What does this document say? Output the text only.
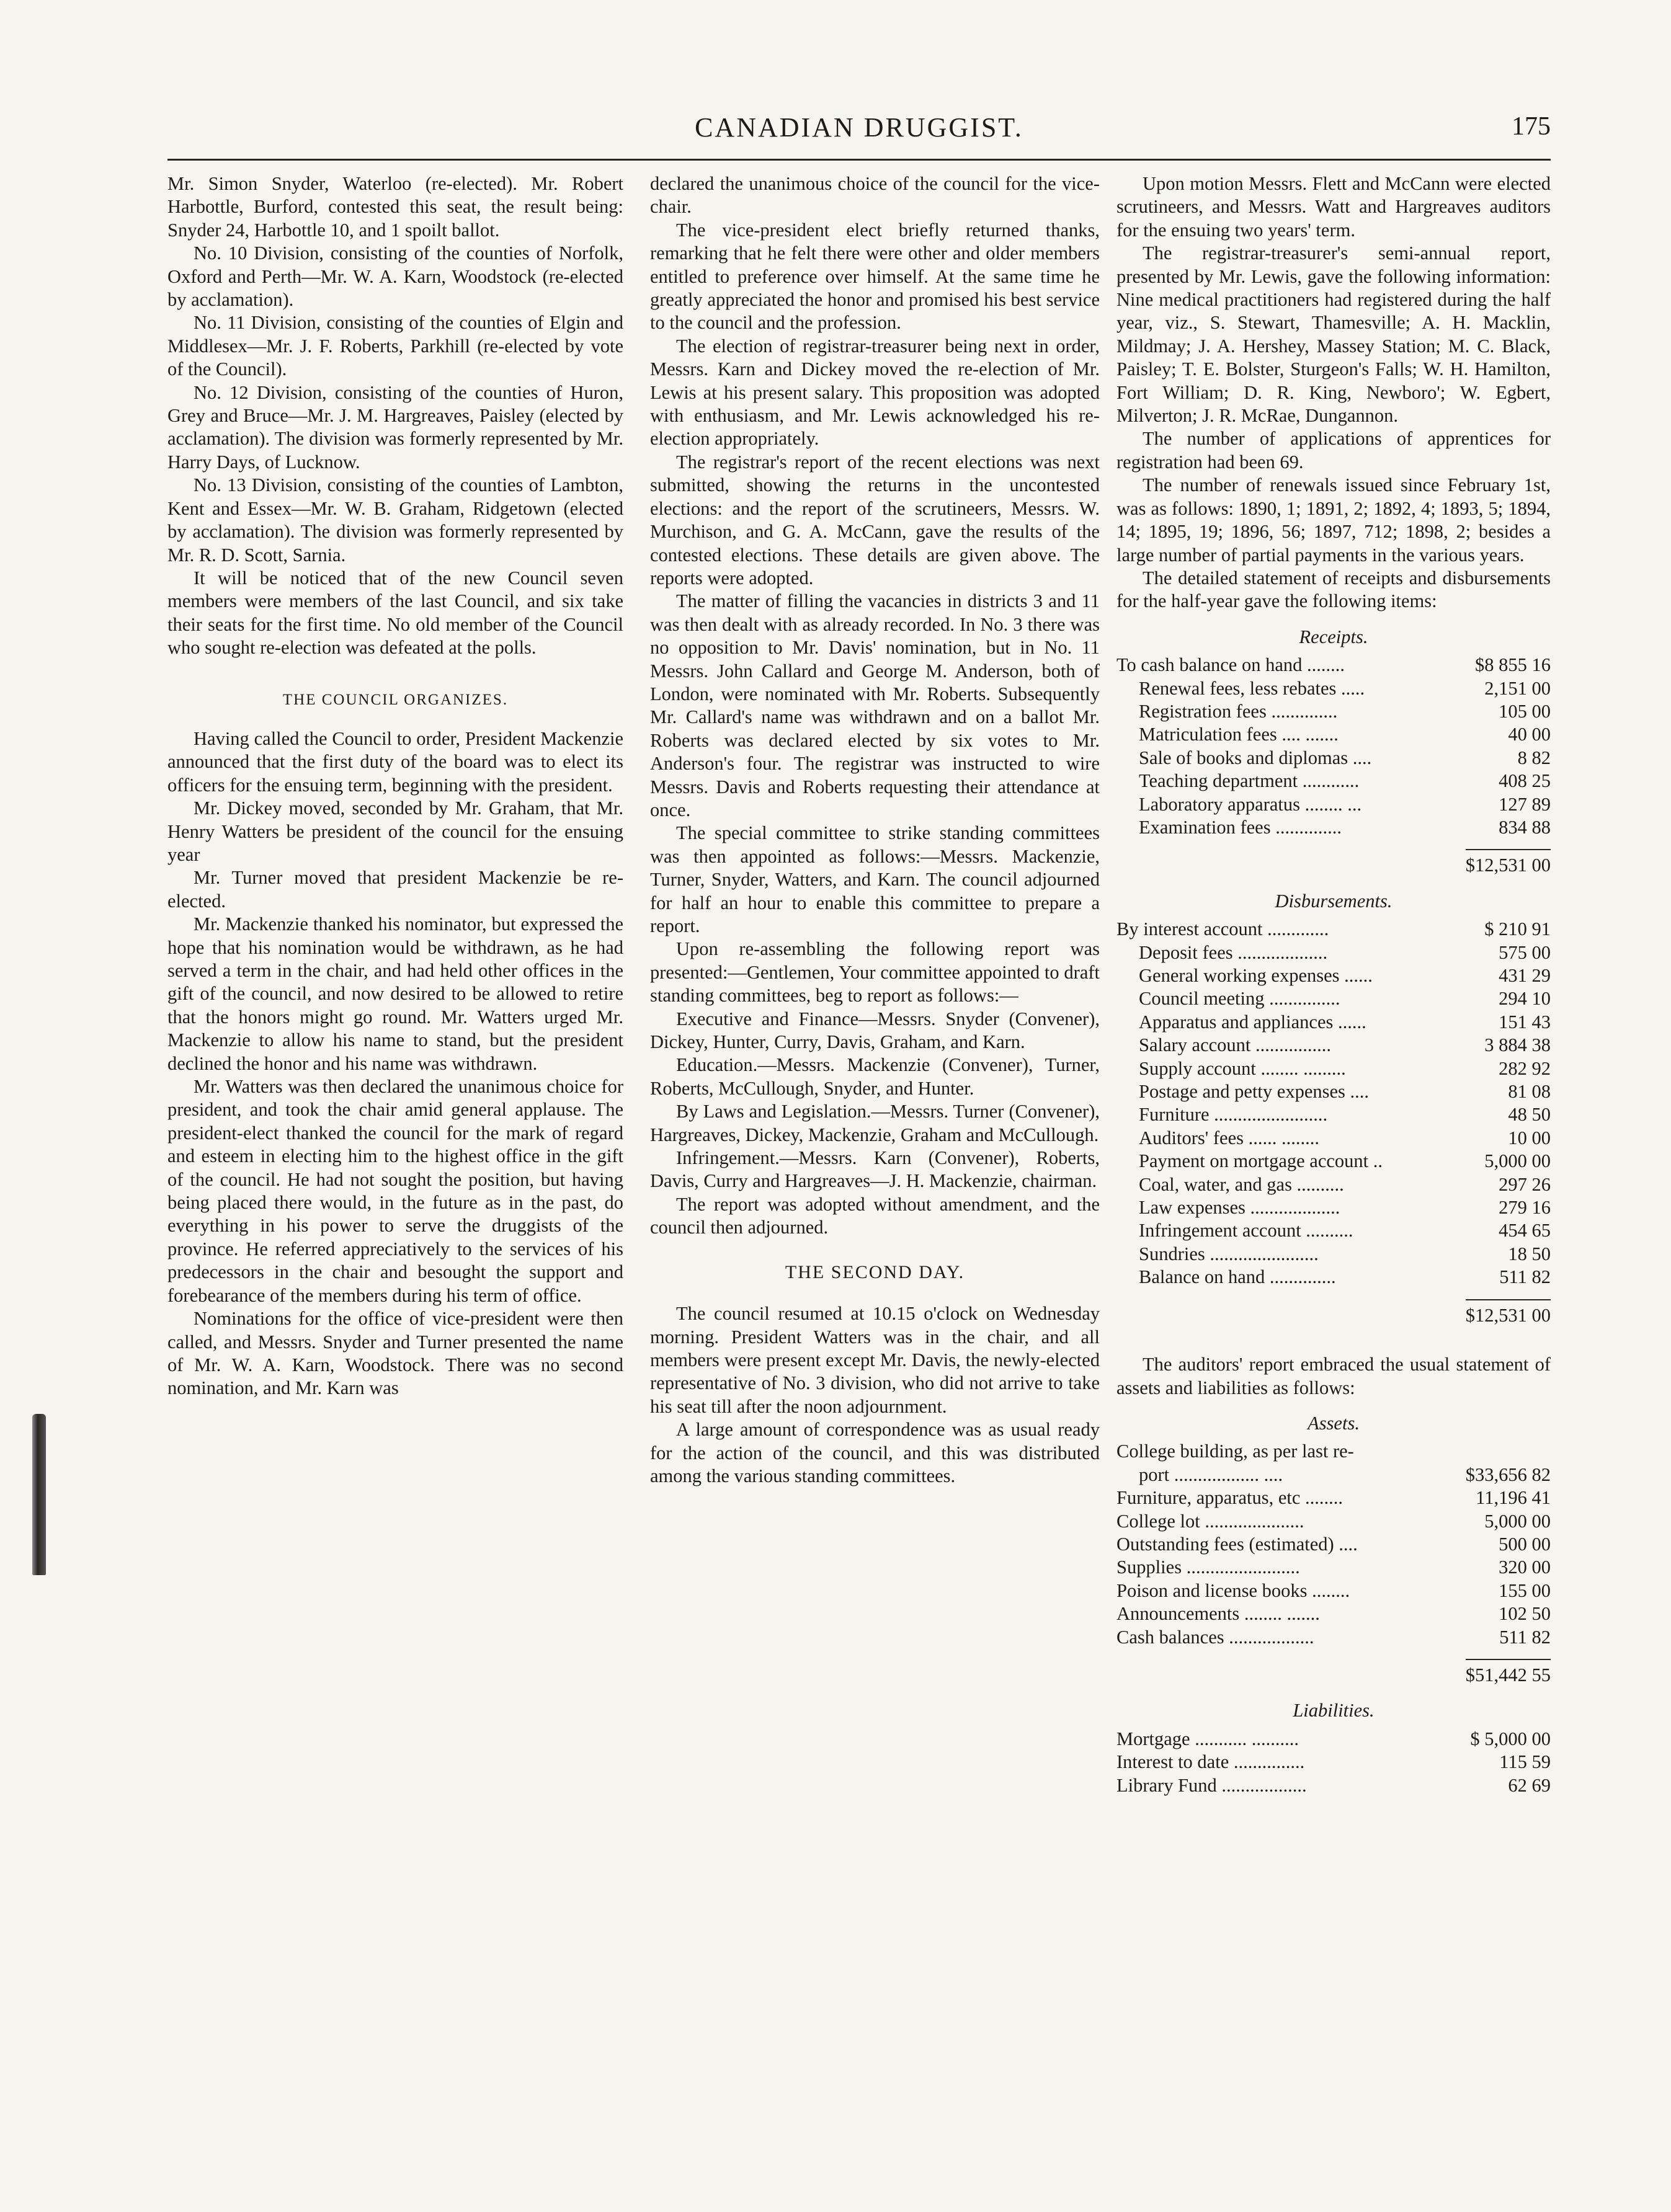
CANADIAN DRUGGIST.	175

Mr. Simon Snyder, Waterloo (re-elected). Mr. Robert Harbottle, Burford, contested this seat, the result being: Snyder 24, Harbottle 10, and 1 spoilt ballot.

No. 10 Division, consisting of the counties of Norfolk, Oxford and Perth—Mr. W. A. Karn, Woodstock (re-elected by acclamation).

No. 11 Division, consisting of the counties of Elgin and Middlesex—Mr. J. F. Roberts, Parkhill (re-elected by vote of the Council).

No. 12 Division, consisting of the counties of Huron, Grey and Bruce—Mr. J. M. Hargreaves, Paisley (elected by acclamation). The division was formerly represented by Mr. Harry Days, of Lucknow.

No. 13 Division, consisting of the counties of Lambton, Kent and Essex—Mr. W. B. Graham, Ridgetown (elected by acclamation). The division was formerly represented by Mr. R. D. Scott, Sarnia.

It will be noticed that of the new Council seven members were members of the last Council, and six take their seats for the first time. No old member of the Council who sought re-election was defeated at the polls.

THE COUNCIL ORGANIZES.

Having called the Council to order, President Mackenzie announced that the first duty of the board was to elect its officers for the ensuing term, beginning with the president.

Mr. Dickey moved, seconded by Mr. Graham, that Mr. Henry Watters be president of the council for the ensuing year

Mr. Turner moved that president Mackenzie be re-elected.

Mr. Mackenzie thanked his nominator, but expressed the hope that his nomination would be withdrawn, as he had served a term in the chair, and had held other offices in the gift of the council, and now desired to be allowed to retire that the honors might go round. Mr. Watters urged Mr. Mackenzie to allow his name to stand, but the president declined the honor and his name was withdrawn.

Mr. Watters was then declared the unanimous choice for president, and took the chair amid general applause. The president-elect thanked the council for the mark of regard and esteem in electing him to the highest office in the gift of the council. He had not sought the position, but having being placed there would, in the future as in the past, do everything in his power to serve the druggists of the province. He referred appreciatively to the services of his predecessors in the chair and besought the support and forebearance of the members during his term of office.

Nominations for the office of vice-president were then called, and Messrs. Snyder and Turner presented the name of Mr. W. A. Karn, Woodstock. There was no second nomination, and Mr. Karn was

declared the unanimous choice of the council for the vice-chair.

The vice-president elect briefly returned thanks, remarking that he felt there were other and older members entitled to preference over himself. At the same time he greatly appreciated the honor and promised his best service to the council and the profession.

The election of registrar-treasurer being next in order, Messrs. Karn and Dickey moved the re-election of Mr. Lewis at his present salary. This proposition was adopted with enthusiasm, and Mr. Lewis acknowledged his re-election appropriately.

The registrar's report of the recent elections was next submitted, showing the returns in the uncontested elections: and the report of the scrutineers, Messrs. W. Murchison, and G. A. McCann, gave the results of the contested elections. These details are given above. The reports were adopted.

The matter of filling the vacancies in districts 3 and 11 was then dealt with as already recorded. In No. 3 there was no opposition to Mr. Davis' nomination, but in No. 11 Messrs. John Callard and George M. Anderson, both of London, were nominated with Mr. Roberts. Subsequently Mr. Callard's name was withdrawn and on a ballot Mr. Roberts was declared elected by six votes to Mr. Anderson's four. The registrar was instructed to wire Messrs. Davis and Roberts requesting their attendance at once.

The special committee to strike standing committees was then appointed as follows:—Messrs. Mackenzie, Turner, Snyder, Watters, and Karn. The council adjourned for half an hour to enable this committee to prepare a report.

Upon re-assembling the following report was presented:—Gentlemen, Your committee appointed to draft standing committees, beg to report as follows:—

Executive and Finance—Messrs. Snyder (Convener), Dickey, Hunter, Curry, Davis, Graham, and Karn.

Education.—Messrs. Mackenzie (Convener), Turner, Roberts, McCullough, Snyder, and Hunter.

By Laws and Legislation.—Messrs. Turner (Convener), Hargreaves, Dickey, Mackenzie, Graham and McCullough.

Infringement.—Messrs. Karn (Convener), Roberts, Davis, Curry and Hargreaves—J. H. Mackenzie, chairman.

The report was adopted without amendment, and the council then adjourned.

THE SECOND DAY.

The council resumed at 10.15 o'clock on Wednesday morning. President Watters was in the chair, and all members were present except Mr. Davis, the newly-elected representative of No. 3 division, who did not arrive to take his seat till after the noon adjournment.

A large amount of correspondence was as usual ready for the action of the council, and this was distributed among the various standing committees.

Upon motion Messrs. Flett and McCann were elected scrutineers, and Messrs. Watt and Hargreaves auditors for the ensuing two years' term.

The registrar-treasurer's semi-annual report, presented by Mr. Lewis, gave the following information: Nine medical practitioners had registered during the half year, viz., S. Stewart, Thamesville; A. H. Macklin, Mildmay; J. A. Hershey, Massey Station; M. C. Black, Paisley; T. E. Bolster, Sturgeon's Falls; W. H. Hamilton, Fort William; D. R. King, Newboro'; W. Egbert, Milverton; J. R. McRae, Dungannon.

The number of applications of apprentices for registration had been 69.

The number of renewals issued since February 1st, was as follows: 1890, 1; 1891, 2; 1892, 4; 1893, 5; 1894, 14; 1895, 19; 1896, 56; 1897, 712; 1898, 2; besides a large number of partial payments in the various years.

The detailed statement of receipts and disbursements for the half-year gave the following items:

Receipts.
To cash balance on hand ........	$8 855 16
Renewal fees, less rebates .....	2,151 00
Registration fees ..............	105 00
Matriculation fees .... .......	40 00
Sale of books and diplomas ....	8 82
Teaching department ............	408 25
Laboratory apparatus ........ ...	127 89
Examination fees ..............	834 88
$12,531 00
Disbursements.
By interest account .............	$ 210 91
Deposit fees ...................	575 00
General working expenses ......	431 29
Council meeting ...............	294 10
Apparatus and appliances ......	151 43
Salary account ................	3 884 38
Supply account ........ .........	282 92
Postage and petty expenses ....	81 08
Furniture ........................	48 50
Auditors' fees ...... ........	10 00
Payment on mortgage account ..	5,000 00
Coal, water, and gas ..........	297 26
Law expenses ...................	279 16
Infringement account ..........	454 65
Sundries .......................	18 50
Balance on hand ..............	511 82
$12,531 00

The auditors' report embraced the usual statement of assets and liabilities as follows:

Assets.
College building, as per last re-
port .................. ....	$33,656 82
Furniture, apparatus, etc ........	11,196 41
College lot .....................	5,000 00
Outstanding fees (estimated) ....	500 00
Supplies ........................	320 00
Poison and license books ........	155 00
Announcements ........ .......	102 50
Cash balances ..................	511 82
$51,442 55
Liabilities.
Mortgage ........... ..........	$ 5,000 00
Interest to date ...............	115 59
Library Fund ..................	62 69
